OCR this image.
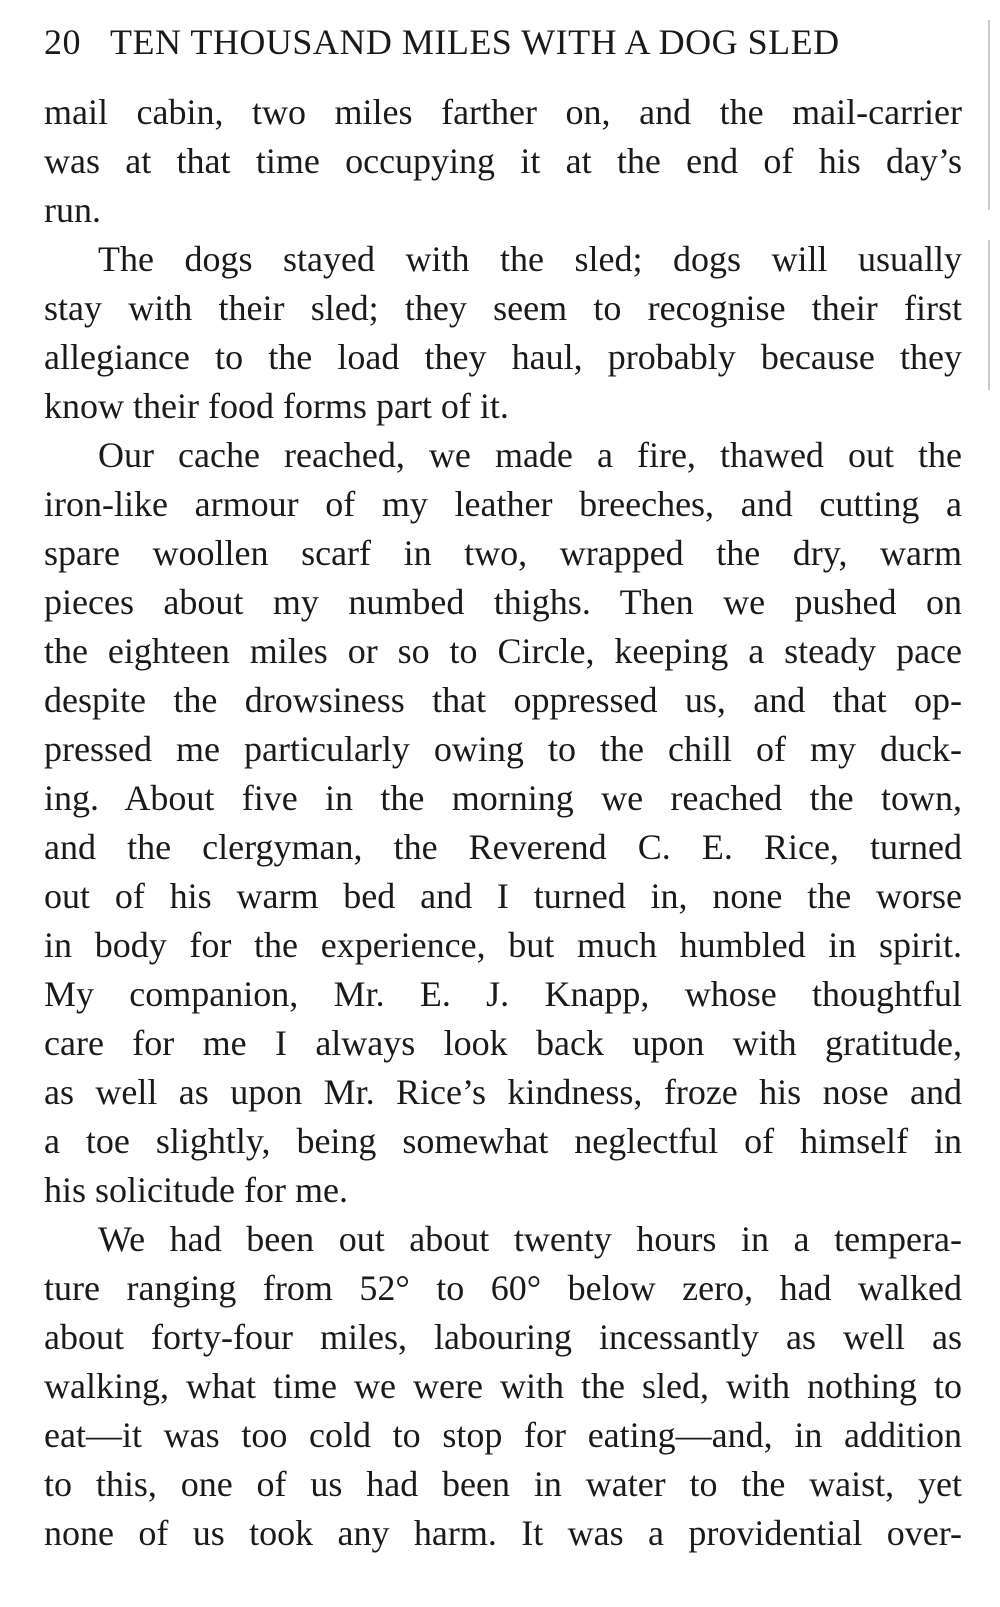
20 TEN THOUSAND MILES WITH A DOG SLED
mail cabin, two miles farther on, and the mail-carrier
was at that time occupying it at the end of his day’s
run.
The dogs stayed with the sled; dogs will usually
stay with their sled; they seem to recognise their first
allegiance to the load they haul, probably because they
know their food forms part of it.
Our cache reached, we made a fire, thawed out the
iron-like armour of my leather breeches, and cutting a
spare woollen scarf in two, wrapped the dry, warm
pieces about my numbed thighs. Then we pushed on
the eighteen miles or so to Circle, keeping a steady pace
despite the drowsiness that oppressed us, and that op-
pressed me particularly owing to the chill of my duck-
ing. About five in the morning we reached the town,
and the clergyman, the Reverend C. E. Rice, turned
out of his warm bed and I turned in, none the worse
in body for the experience, but much humbled in spirit.
My companion, Mr. E. J. Knapp, whose thoughtful
care for me I always look back upon with gratitude,
as well as upon Mr. Rice’s kindness, froze his nose and
a toe slightly, being somewhat neglectful of himself in
his solicitude for me.
We had been out about twenty hours in a tempera-
ture ranging from 52° to 60° below zero, had walked
about forty-four miles, labouring incessantly as well as
walking, what time we were with the sled, with nothing to
eat—it was too cold to stop for eating—and, in addition
to this, one of us had been in water to the waist, yet
none of us took any harm. It was a providential over-
